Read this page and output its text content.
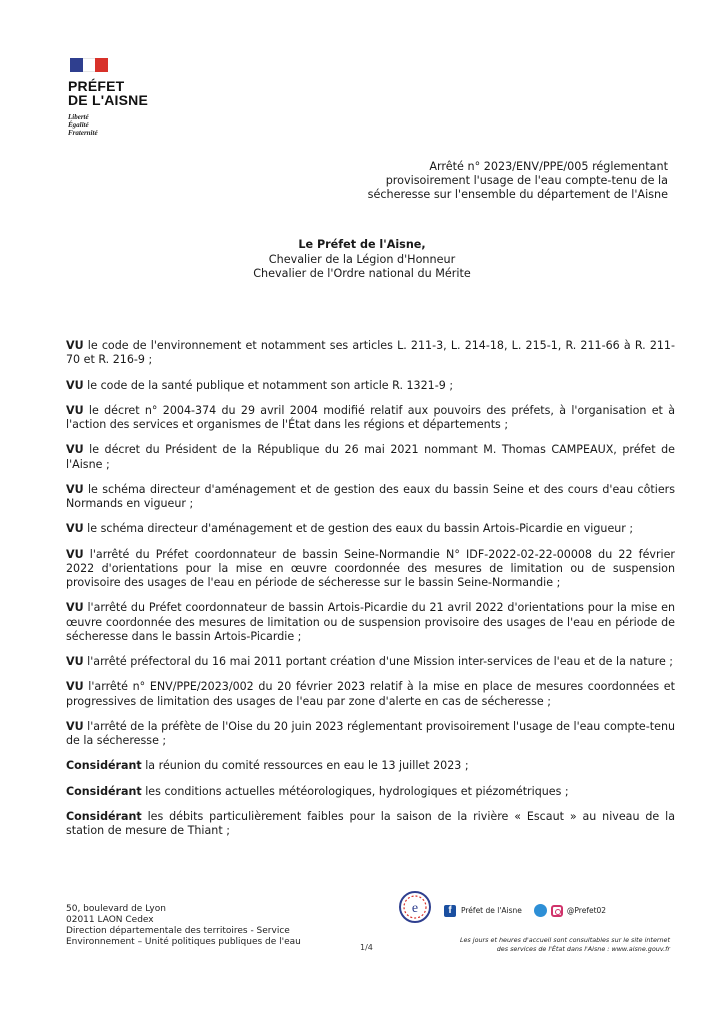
PRÉFET
DE L'AISNE
Liberté
Égalité
Fraternité
Arrêté n° 2023/ENV/PPE/005 réglementant
provisoirement l'usage de l'eau compte-tenu de la
sécheresse sur l'ensemble du département de l'Aisne
Le Préfet de l'Aisne,
Chevalier de la Légion d'Honneur
Chevalier de l'Ordre national du Mérite

VU le code de l'environnement et notamment ses articles L. 211-3, L. 214-18, L. 215-1, R. 211-66 à R. 211-70 et R. 216-9 ;

VU le code de la santé publique et notamment son article R. 1321-9 ;

VU le décret n° 2004-374 du 29 avril 2004 modifié relatif aux pouvoirs des préfets, à l'organisation et à l'action des services et organismes de l'État dans les régions et départements ;

VU le décret du Président de la République du 26 mai 2021 nommant M. Thomas CAMPEAUX, préfet de l'Aisne ;

VU le schéma directeur d'aménagement et de gestion des eaux du bassin Seine et des cours d'eau côtiers Normands en vigueur ;

VU le schéma directeur d'aménagement et de gestion des eaux du bassin Artois-Picardie en vigueur ;

VU l'arrêté du Préfet coordonnateur de bassin Seine-Normandie N° IDF-2022-02-22-00008 du 22 février 2022 d'orientations pour la mise en œuvre coordonnée des mesures de limitation ou de suspension provisoire des usages de l'eau en période de sécheresse sur le bassin Seine-Normandie ;

VU l'arrêté du Préfet coordonnateur de bassin Artois-Picardie du 21 avril 2022 d'orientations pour la mise en œuvre coordonnée des mesures de limitation ou de suspension provisoire des usages de l'eau en période de sécheresse dans le bassin Artois-Picardie ;

VU l'arrêté préfectoral du 16 mai 2011 portant création d'une Mission inter-services de l'eau et de la nature ;

VU l'arrêté n° ENV/PPE/2023/002 du 20 février 2023 relatif à la mise en place de mesures coordonnées et progressives de limitation des usages de l'eau par zone d'alerte en cas de sécheresse ;

VU l'arrêté de la préfète de l'Oise du 20 juin 2023 réglementant provisoirement l'usage de l'eau compte-tenu de la sécheresse ;

Considérant la réunion du comité ressources en eau le 13 juillet 2023 ;

Considérant les conditions actuelles météorologiques, hydrologiques et piézométriques ;

Considérant les débits particulièrement faibles pour la saison de la rivière « Escaut » au niveau de la station de mesure de Thiant ;

50, boulevard de Lyon
02011 LAON Cedex
Direction départementale des territoires - Service
Environnement – Unité politiques publiques de l'eau
1/4
e	f	Préfet de l'Aisne	@Prefet02
Les jours et heures d'accueil sont consultables sur le site internet
des services de l'État dans l'Aisne : www.aisne.gouv.fr
